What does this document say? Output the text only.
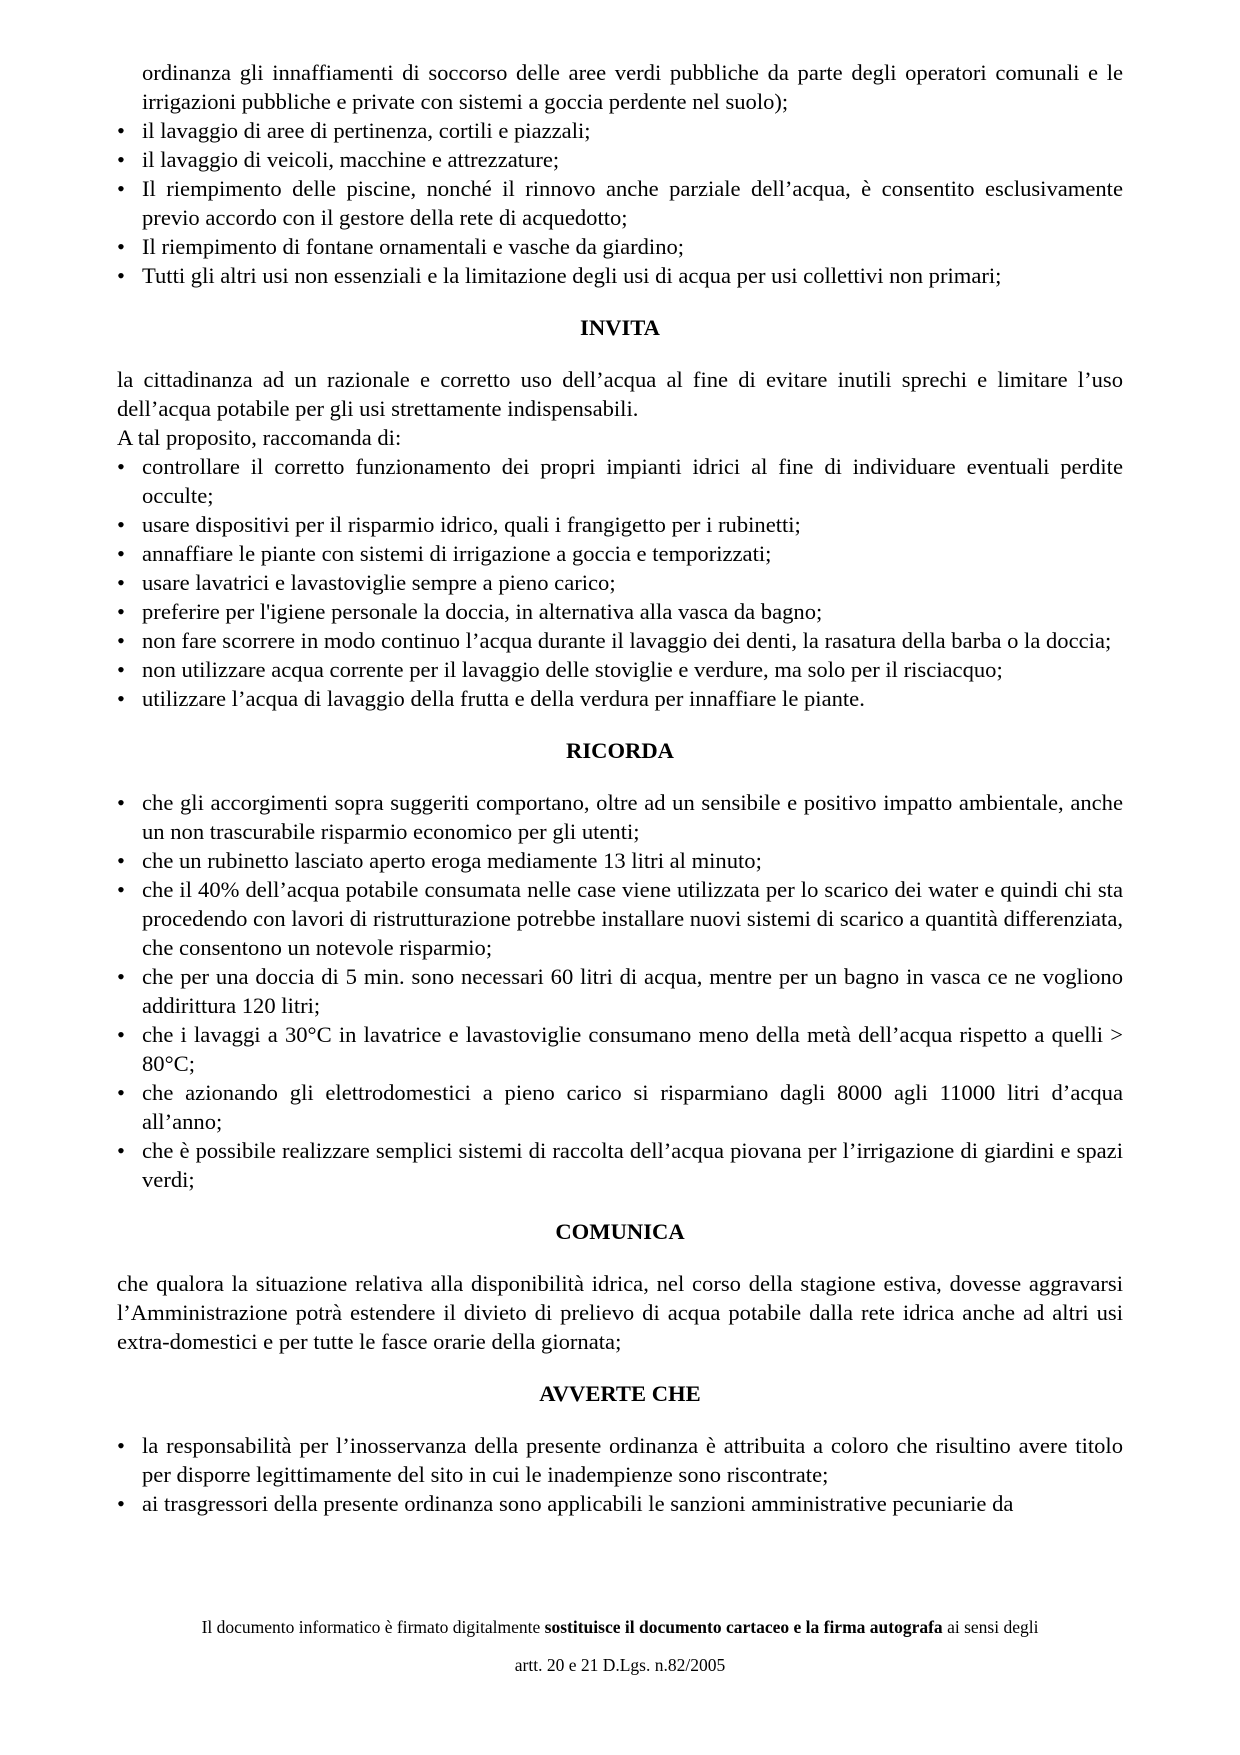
ordinanza gli innaffiamenti di soccorso delle aree verdi pubbliche da parte degli operatori comunali e le irrigazioni pubbliche e private con sistemi a goccia perdente nel suolo);

• il lavaggio di aree di pertinenza, cortili e piazzali;
• il lavaggio di veicoli, macchine e attrezzature;
• Il riempimento delle piscine, nonché il rinnovo anche parziale dell’acqua, è consentito esclusivamente previo accordo con il gestore della rete di acquedotto;
• Il riempimento di fontane ornamentali e vasche da giardino;
• Tutti gli altri usi non essenziali e la limitazione degli usi di acqua per usi collettivi non primari;

INVITA

la cittadinanza ad un razionale e corretto uso dell’acqua al fine di evitare inutili sprechi e limitare l’uso dell’acqua potabile per gli usi strettamente indispensabili.

A tal proposito, raccomanda di:

• controllare il corretto funzionamento dei propri impianti idrici al fine di individuare eventuali perdite occulte;
• usare dispositivi per il risparmio idrico, quali i frangigetto per i rubinetti;
• annaffiare le piante con sistemi di irrigazione a goccia e temporizzati;
• usare lavatrici e lavastoviglie sempre a pieno carico;
• preferire per l'igiene personale la doccia, in alternativa alla vasca da bagno;
• non fare scorrere in modo continuo l’acqua durante il lavaggio dei denti, la rasatura della barba o la doccia;
• non utilizzare acqua corrente per il lavaggio delle stoviglie e verdure, ma solo per il risciacquo;
• utilizzare l’acqua di lavaggio della frutta e della verdura per innaffiare le piante.

RICORDA

• che gli accorgimenti sopra suggeriti comportano, oltre ad un sensibile e positivo impatto ambientale, anche un non trascurabile risparmio economico per gli utenti;
• che un rubinetto lasciato aperto eroga mediamente 13 litri al minuto;
• che il 40% dell’acqua potabile consumata nelle case viene utilizzata per lo scarico dei water e quindi chi sta procedendo con lavori di ristrutturazione potrebbe installare nuovi sistemi di scarico a quantità differenziata, che consentono un notevole risparmio;
• che per una doccia di 5 min. sono necessari 60 litri di acqua, mentre per un bagno in vasca ce ne vogliono addirittura 120 litri;
• che i lavaggi a 30°C in lavatrice e lavastoviglie consumano meno della metà dell’acqua rispetto a quelli > 80°C;
• che azionando gli elettrodomestici a pieno carico si risparmiano dagli 8000 agli 11000 litri d’acqua all’anno;
• che è possibile realizzare semplici sistemi di raccolta dell’acqua piovana per l’irrigazione di giardini e spazi verdi;

COMUNICA

che qualora la situazione relativa alla disponibilità idrica, nel corso della stagione estiva, dovesse aggravarsi l’Amministrazione potrà estendere il divieto di prelievo di acqua potabile dalla rete idrica anche ad altri usi extra-domestici e per tutte le fasce orarie della giornata;

AVVERTE CHE

• la responsabilità per l’inosservanza della presente ordinanza è attribuita a coloro che risultino avere titolo per disporre legittimamente del sito in cui le inadempienze sono riscontrate;
• ai trasgressori della presente ordinanza sono applicabili le sanzioni amministrative pecuniarie da
Il documento informatico è firmato digitalmente sostituisce il documento cartaceo e la firma autografa ai sensi degli
artt. 20 e 21 D.Lgs. n.82/2005
